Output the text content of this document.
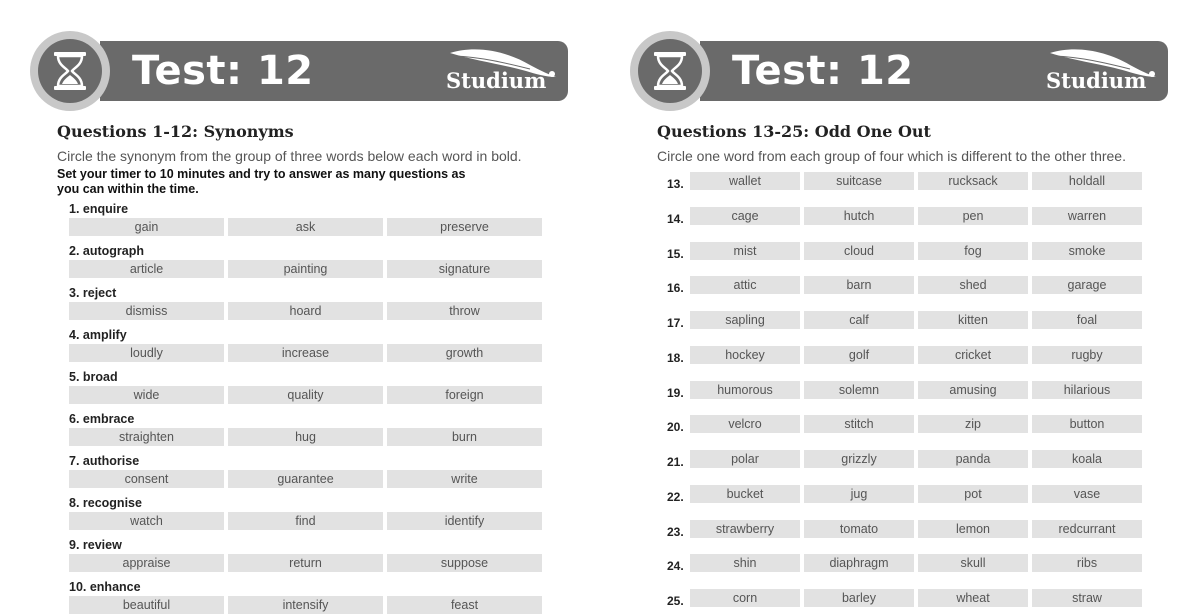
Test: 12	Studium
Questions 1-12: Synonyms
Circle the synonym from the group of three words below each word in bold.
Set your timer to 10 minutes and try to answer as many questions as you can within the time.
1. enquire
gain	ask	preserve
2. autograph
article	painting	signature
3. reject
dismiss	hoard	throw
4. amplify
loudly	increase	growth
5. broad
wide	quality	foreign
6. embrace
straighten	hug	burn
7. authorise
consent	guarantee	write
8. recognise
watch	find	identify
9. review
appraise	return	suppose
10. enhance
beautiful	intensify	feast
Test: 12	Studium
Questions 13-25: Odd One Out
Circle one word from each group of four which is different to the other three.
13.	wallet	suitcase	rucksack	holdall
14.	cage	hutch	pen	warren
15.	mist	cloud	fog	smoke
16.	attic	barn	shed	garage
17.	sapling	calf	kitten	foal
18.	hockey	golf	cricket	rugby
19.	humorous	solemn	amusing	hilarious
20.	velcro	stitch	zip	button
21.	polar	grizzly	panda	koala
22.	bucket	jug	pot	vase
23.	strawberry	tomato	lemon	redcurrant
24.	shin	diaphragm	skull	ribs
25.	corn	barley	wheat	straw
